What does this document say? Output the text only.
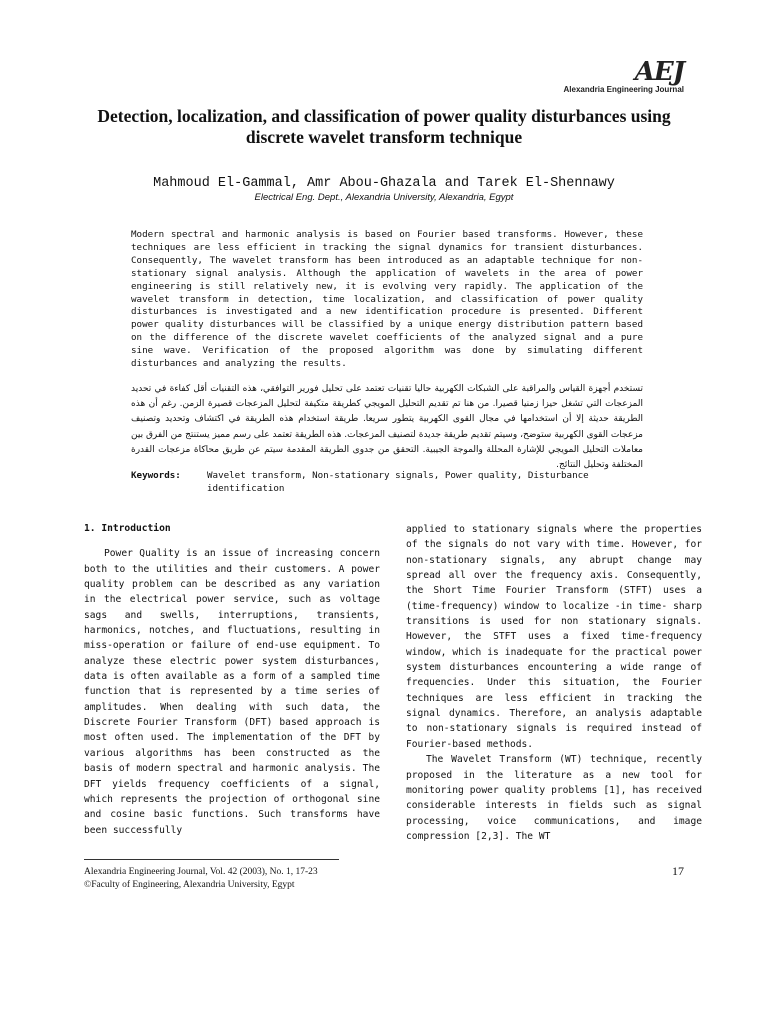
AEJ
Alexandria Engineering Journal
Detection, localization, and classification of power quality disturbances using discrete wavelet transform technique
Mahmoud El-Gammal, Amr Abou-Ghazala and Tarek El-Shennawy
Electrical Eng. Dept., Alexandria University, Alexandria, Egypt
Modern spectral and harmonic analysis is based on Fourier based transforms. However, these techniques are less efficient in tracking the signal dynamics for transient disturbances. Consequently, The wavelet transform has been introduced as an adaptable technique for non-stationary signal analysis. Although the application of wavelets in the area of power engineering is still relatively new, it is evolving very rapidly. The application of the wavelet transform in detection, time localization, and classification of power quality disturbances is investigated and a new identification procedure is presented. Different power quality disturbances will be classified by a unique energy distribution pattern based on the difference of the discrete wavelet coefficients of the analyzed signal and a pure sine wave. Verification of the proposed algorithm was done by simulating different disturbances and analyzing the results.
تستخدم أجهزة القياس والمراقبة على الشبكات الكهربية حاليا تقنيات تعتمد على تحليل فورير التوافقي، هذه التقنيات أقل كفاءة في تحديد المزعجات التي تشغل حيزا زمنيا قصيرا. من هنا تم تقديم التحليل المويجي كطريقة متكيفة لتحليل المزعجات قصيرة الزمن. رغم أن هذه الطريقة حديثة إلا أن استخدامها في مجال القوى الكهربية يتطور سريعا. طريقة استخدام هذه الطريقة في اكتشاف وتحديد وتصنيف مزعجات القوى الكهربية ستوضح، وسيتم تقديم طريقة جديدة لتصنيف المزعجات. هذه الطريقة تعتمد على رسم مميز يستنتج من الفرق بين معاملات التحليل المويجي للإشارة المحللة والموجة الجيبية. التحقق من جدوى الطريقة المقدمة سيتم عن طريق محاكاة مزعجات القدرة المختلفة وتحليل النتائج.
Keywords:	Wavelet transform, Non-stationary signals, Power quality, Disturbance
identification

1. Introduction

Power Quality is an issue of increasing concern both to the utilities and their customers. A power quality problem can be described as any variation in the electrical power service, such as voltage sags and swells, interruptions, transients, harmonics, notches, and fluctuations, resulting in miss-operation or failure of end-use equipment. To analyze these electric power system disturbances, data is often available as a form of a sampled time function that is represented by a time series of amplitudes. When dealing with such data, the Discrete Fourier Transform (DFT) based approach is most often used. The implementation of the DFT by various algorithms has been constructed as the basis of modern spectral and harmonic analysis. The DFT yields frequency coefficients of a signal, which represents the projection of orthogonal sine and cosine basic functions. Such transforms have been successfully

applied to stationary signals where the properties of the signals do not vary with time. However, for non-stationary signals, any abrupt change may spread all over the frequency axis. Consequently, the Short Time Fourier Transform (STFT) uses a (time-frequency) window to localize -in time- sharp transitions is used for non stationary signals. However, the STFT uses a fixed time-frequency window, which is inadequate for the practical power system disturbances encountering a wide range of frequencies. Under this situation, the Fourier techniques are less efficient in tracking the signal dynamics. Therefore, an analysis adaptable to non-stationary signals is required instead of Fourier-based methods.

The Wavelet Transform (WT) technique, recently proposed in the literature as a new tool for monitoring power quality problems [1], has received considerable interests in fields such as signal processing, voice communications, and image compression [2,3]. The WT

Alexandria Engineering Journal, Vol. 42 (2003), No. 1, 17-23
©Faculty of Engineering, Alexandria University, Egypt
17
